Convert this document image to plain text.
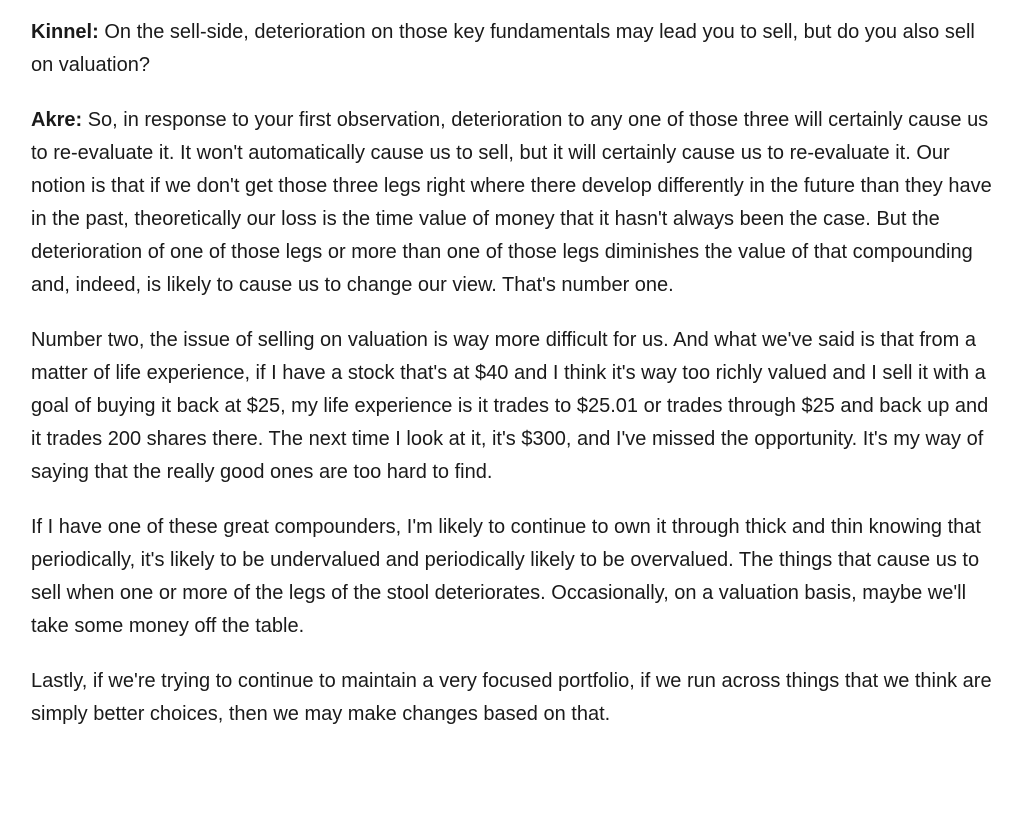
Kinnel: On the sell-side, deterioration on those key fundamentals may lead you to sell, but do you also sell on valuation?

Akre: So, in response to your first observation, deterioration to any one of those three will certainly cause us to re-evaluate it. It won't automatically cause us to sell, but it will certainly cause us to re-evaluate it. Our notion is that if we don't get those three legs right where there develop differently in the future than they have in the past, theoretically our loss is the time value of money that it hasn't always been the case. But the deterioration of one of those legs or more than one of those legs diminishes the value of that compounding and, indeed, is likely to cause us to change our view. That's number one.

Number two, the issue of selling on valuation is way more difficult for us. And what we've said is that from a matter of life experience, if I have a stock that's at $40 and I think it's way too richly valued and I sell it with a goal of buying it back at $25, my life experience is it trades to $25.01 or trades through $25 and back up and it trades 200 shares there. The next time I look at it, it's $300, and I've missed the opportunity. It's my way of saying that the really good ones are too hard to find.

If I have one of these great compounders, I'm likely to continue to own it through thick and thin knowing that periodically, it's likely to be undervalued and periodically likely to be overvalued. The things that cause us to sell when one or more of the legs of the stool deteriorates. Occasionally, on a valuation basis, maybe we'll take some money off the table.

Lastly, if we're trying to continue to maintain a very focused portfolio, if we run across things that we think are simply better choices, then we may make changes based on that.
